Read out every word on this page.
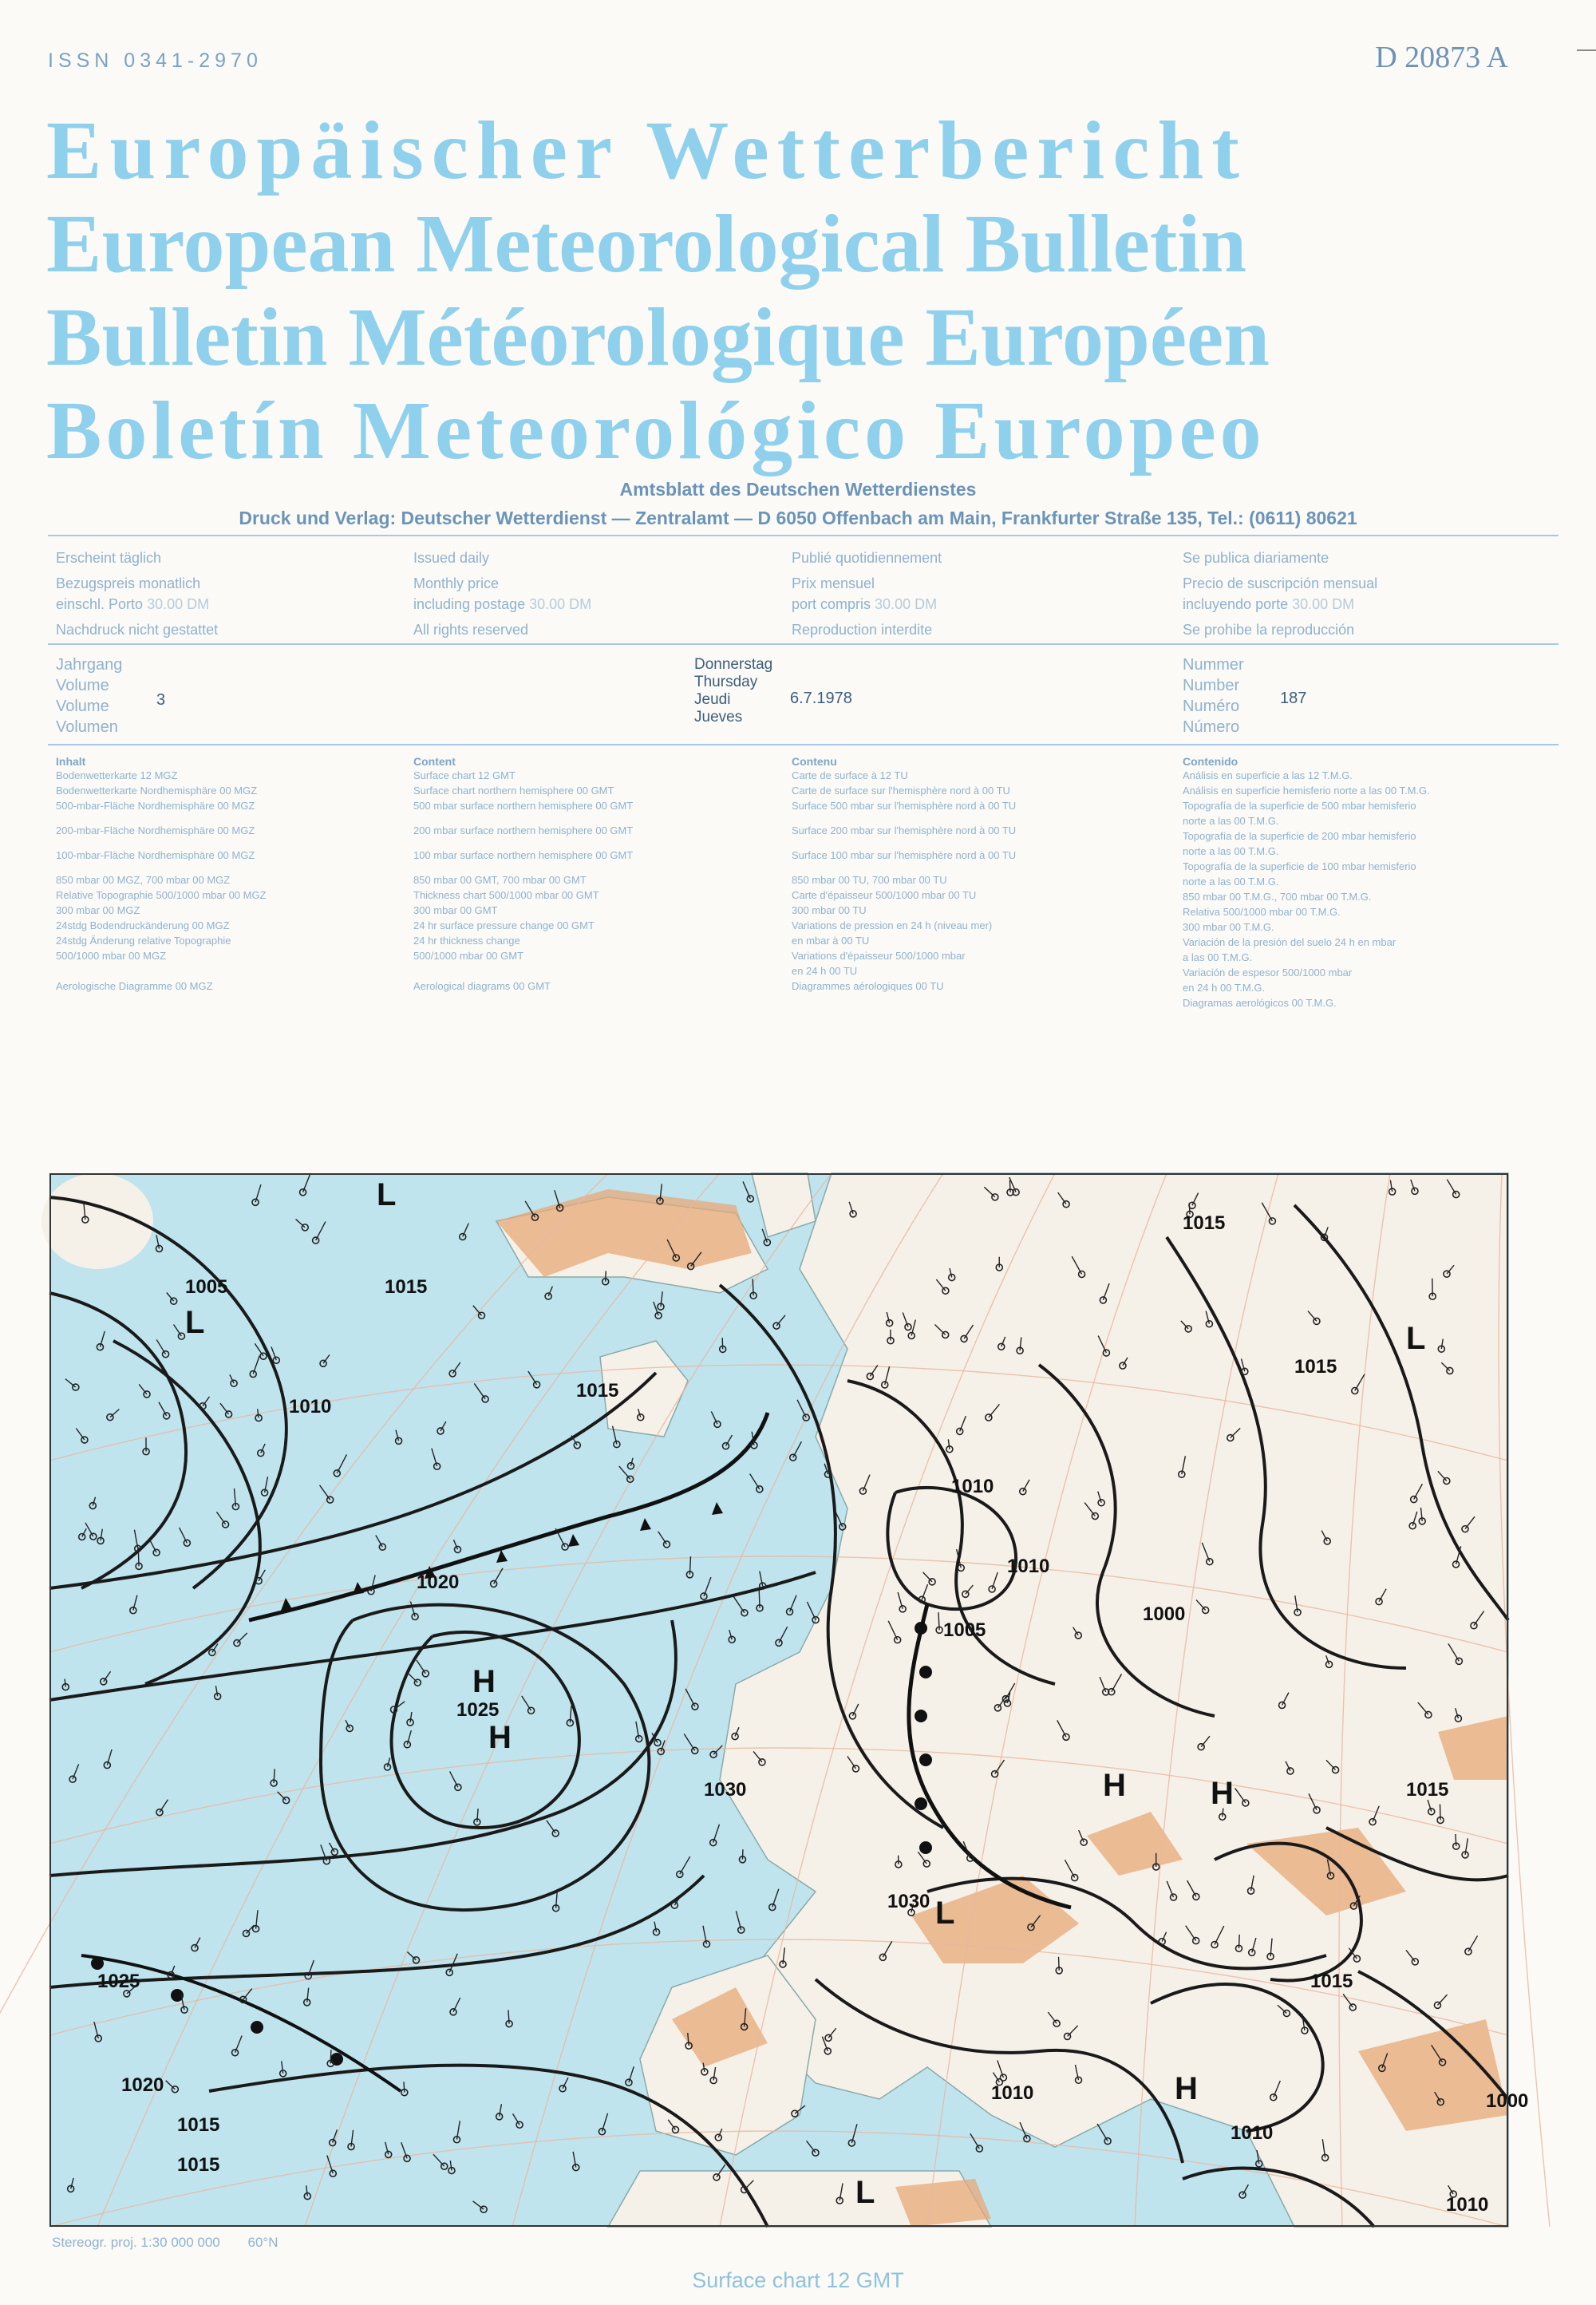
ISSN 0341-2970	D 20873 A
Europäischer Wetterbericht
European Meteorological Bulletin
Bulletin Météorologique Européen
Boletín Meteorológico Europeo
Amtsblatt des Deutschen Wetterdienstes
Druck und Verlag: Deutscher Wetterdienst — Zentralamt — D 6050 Offenbach am Main, Frankfurter Straße 135, Tel.: (0611) 80621
Erscheint täglich
Bezugspreis monatlich
einschl. Porto 30.00 DM
Nachdruck nicht gestattet
Issued daily
Monthly price
including postage 30.00 DM
All rights reserved
Publié quotidiennement
Prix mensuel
port compris 30.00 DM
Reproduction interdite
Se publica diariamente
Precio de suscripción mensual
incluyendo porte 30.00 DM
Se prohibe la reproducción
Jahrgang
Volume
Volume
Volumen
3
Donnerstag
Thursday
Jeudi
Jueves
6.7.1978
Nummer
Number
Numéro
Número
187
Inhalt
Bodenwetterkarte 12 MGZ
Bodenwetterkarte Nordhemisphäre 00 MGZ
500-mbar-Fläche Nordhemisphäre 00 MGZ
200-mbar-Fläche Nordhemisphäre 00 MGZ
100-mbar-Fläche Nordhemisphäre 00 MGZ
850 mbar 00 MGZ, 700 mbar 00 MGZ
Relative Topographie 500/1000 mbar 00 MGZ
300 mbar 00 MGZ
24stdg Bodendruckänderung 00 MGZ
24stdg Änderung relative Topographie
500/1000 mbar 00 MGZ
Aerologische Diagramme 00 MGZ
Content
Surface chart 12 GMT
Surface chart northern hemisphere 00 GMT
500 mbar surface northern hemisphere 00 GMT
200 mbar surface northern hemisphere 00 GMT
100 mbar surface northern hemisphere 00 GMT
850 mbar 00 GMT, 700 mbar 00 GMT
Thickness chart 500/1000 mbar 00 GMT
300 mbar 00 GMT
24 hr surface pressure change 00 GMT
24 hr thickness change
500/1000 mbar 00 GMT
Aerological diagrams 00 GMT
Contenu
Carte de surface à 12 TU
Carte de surface sur l'hemisphère nord à 00 TU
Surface 500 mbar sur l'hemisphère nord à 00 TU
Surface 200 mbar sur l'hemisphère nord à 00 TU
Surface 100 mbar sur l'hemisphère nord à 00 TU
850 mbar 00 TU, 700 mbar 00 TU
Carte d'épaisseur 500/1000 mbar 00 TU
300 mbar 00 TU
Variations de pression en 24 h (niveau mer)
en mbar à 00 TU
Variations d'épaisseur 500/1000 mbar
en 24 h 00 TU
Diagrammes aérologiques 00 TU
Contenido
Análisis en superficie a las 12 T.M.G.
Análisis en superficie hemisferio norte a las 00 T.M.G.
Topografía de la superficie de 500 mbar hemisferio
norte a las 00 T.M.G.
Topografía de la superficie de 200 mbar hemisferio
norte a las 00 T.M.G.
Topografía de la superficie de 100 mbar hemisferio
norte a las 00 T.M.G.
850 mbar 00 T.M.G., 700 mbar 00 T.M.G.
Relativa 500/1000 mbar 00 T.M.G.
300 mbar 00 T.M.G.
Variación de la presión del suelo 24 h en mbar
a las 00 T.M.G.
Variación de espesor 500/1000 mbar
en 24 h 00 T.M.G.
Diagramas aerológicos 00 T.M.G.
1005	1015
1010
1015
1030
1030
1025
1020
1015
1010
1010
1015
1015
1015
1010
1005
1000
1020
1025
1015
1010
1015
1000
1010
H
H
H
H
H
L
L
L
L
L
Stereogr. proj. 1:30 000 000 60°N
Surface chart 12 GMT
